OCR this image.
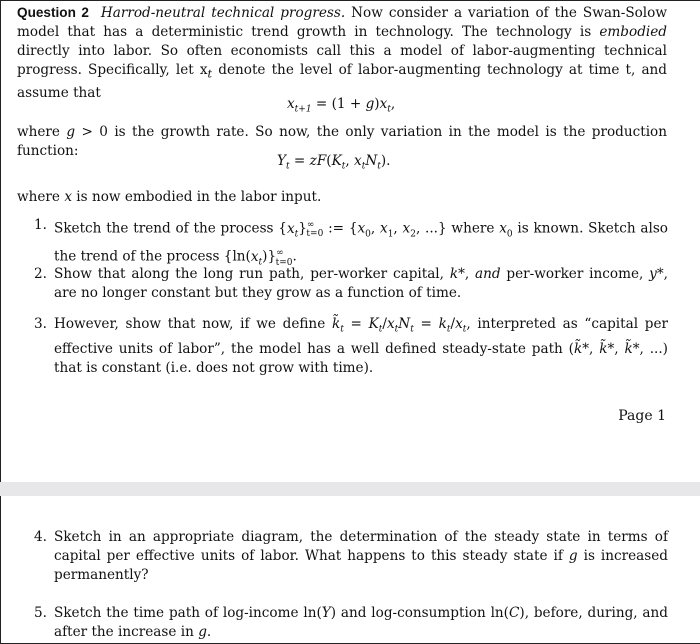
Question 2 Harrod-neutral technical progress. Now consider a variation of the Swan-Solow model that has a deterministic trend growth in technology. The technology is embodied directly into labor. So often economists call this a model of labor-augmenting technical progress. Specifically, let $x_t$ denote the level of labor-augmenting technology at time t, and assume that
$x_{t+1} = (1 + g)x_t$,
where g > 0 is the growth rate. So now, the only variation in the model is the production function:
$Y_t = zF(K_t$, $x_tN_t$).
where x is now embodied in the labor input.
1. Sketch the trend of the process $\{x_t\}^\infty_{t=0}$ := {$x_0$, $x_1$, $x_2$, ...} where $x_0$ is known. Sketch also the trend of the process $\{\ln(x_t)\}^\infty_{t=0}$.
2. Show that along the long run path, per-worker capital, k*, and per-worker income, y*, are no longer constant but they grow as a function of time.
3. However, show that now, if we define $k̃_t = K_t/x_tN_t = k_t/x_t$, interpreted as “capital per effective units of labor”, the model has a well defined steady-state path (k̃*, k̃*, k̃*, ...) that is constant (i.e. does not grow with time).
Page 1
4. Sketch in an appropriate diagram, the determination of the steady state in terms of capital per effective units of labor. What happens to this steady state if g is increased permanently?
5. Sketch the time path of log-income ln(Y) and log-consumption ln(C), before, during, and after the increase in g.
